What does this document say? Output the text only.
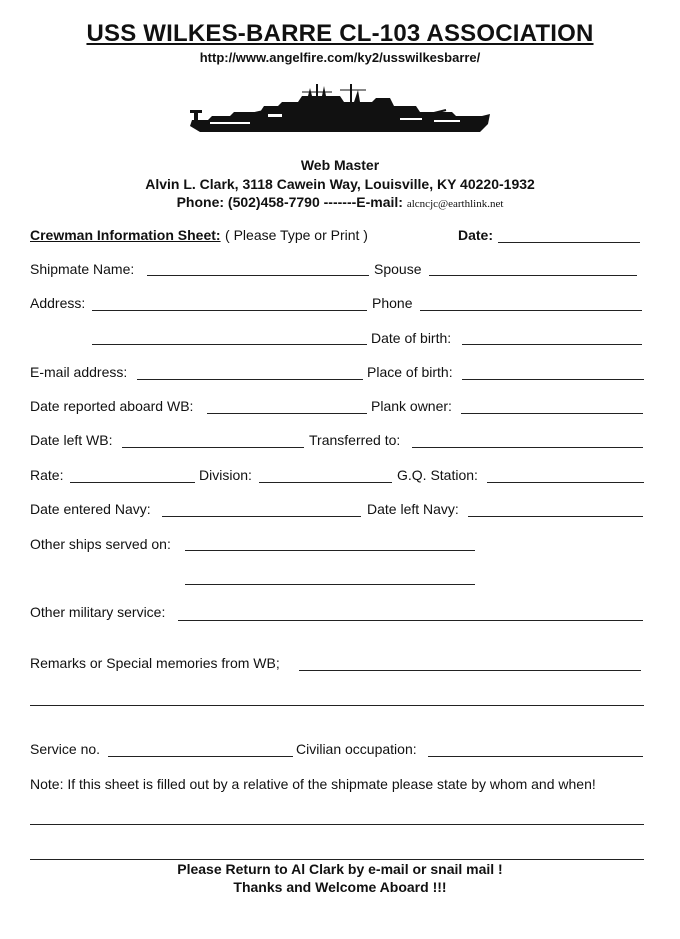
USS WILKES-BARRE CL-103 ASSOCIATION
http://www.angelfire.com/ky2/usswilkesbarre/
Web Master
Alvin L. Clark, 3118 Cawein Way, Louisville, KY 40220-1932
Phone: (502)458-7790 -------E-mail: alcncjc@earthlink.net
Crewman Information Sheet: ( Please Type or Print )	Date:
Shipmate Name:	Spouse
Address:	Phone
Date of birth:
E-mail address:	Place of birth:
Date reported aboard WB:	Plank owner:
Date left WB:	Transferred to:
Rate:	Division:	G.Q. Station:
Date entered Navy:	Date left Navy:
Other ships served on:
Other military service:
Remarks or Special memories from WB;
Service no.	Civilian occupation:
Note: If this sheet is filled out by a relative of the shipmate please state by whom and when!
Please Return to Al Clark by e-mail or snail mail !
Thanks and Welcome Aboard !!!
